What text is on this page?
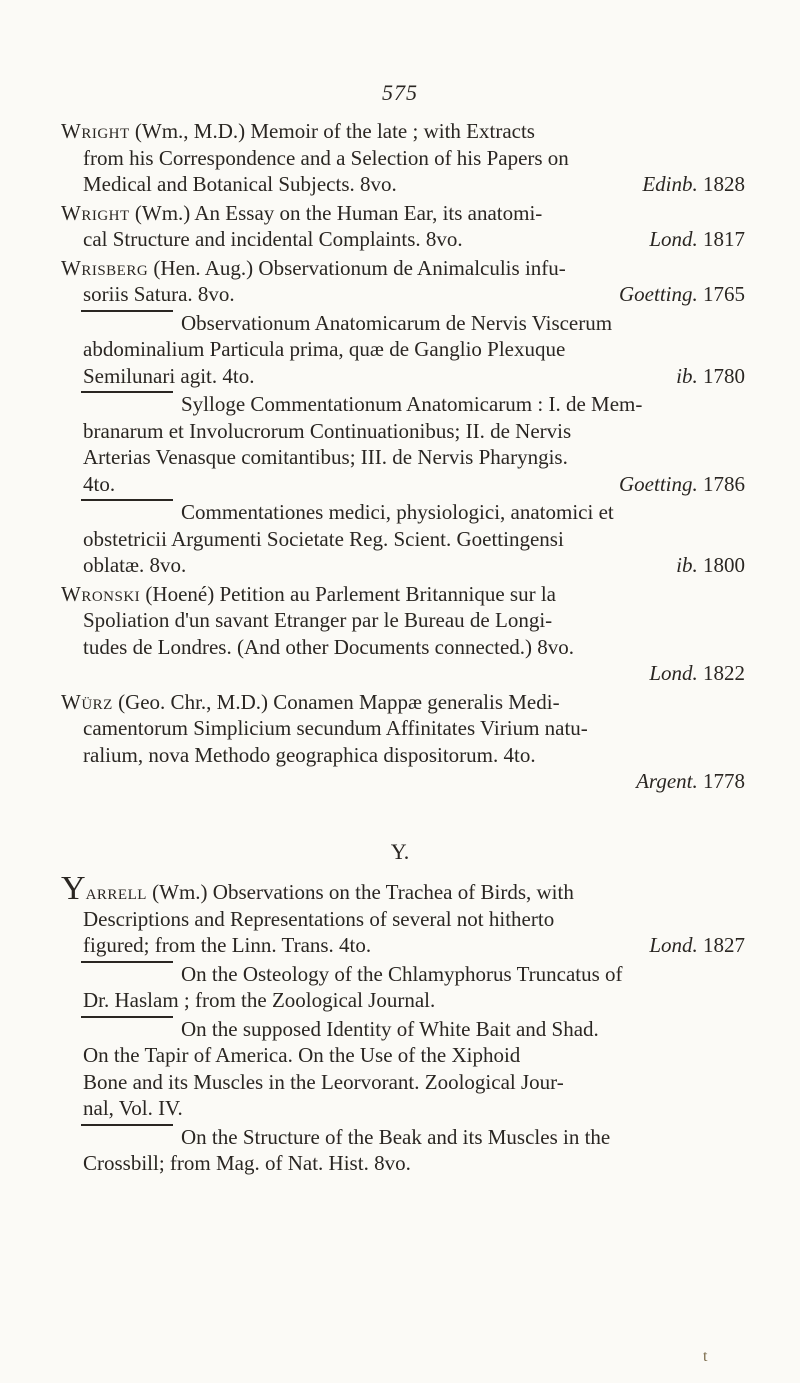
575
Wright (Wm., M.D.) Memoir of the late ; with Extracts
from his Correspondence and a Selection of his Papers on
Medical and Botanical Subjects. 8vo.	Edinb. 1828
Wright (Wm.) An Essay on the Human Ear, its anatomi-
cal Structure and incidental Complaints. 8vo.	Lond. 1817
Wrisberg (Hen. Aug.) Observationum de Animalculis infu-
soriis Satura. 8vo.	Goetting. 1765
Observationum Anatomicarum de Nervis Viscerum
abdominalium Particula prima, quæ de Ganglio Plexuque
Semilunari agit. 4to.	ib. 1780
Sylloge Commentationum Anatomicarum : I. de Mem-
branarum et Involucrorum Continuationibus; II. de Nervis
Arterias Venasque comitantibus; III. de Nervis Pharyngis.
4to.	Goetting. 1786
Commentationes medici, physiologici, anatomici et
obstetricii Argumenti Societate Reg. Scient. Goettingensi
oblatæ. 8vo.	ib. 1800
Wronski (Hoené) Petition au Parlement Britannique sur la
Spoliation d'un savant Etranger par le Bureau de Longi-
tudes de Londres. (And other Documents connected.) 8vo.
Lond. 1822
Würz (Geo. Chr., M.D.) Conamen Mappæ generalis Medi-
camentorum Simplicium secundum Affinitates Virium natu-
ralium, nova Methodo geographica dispositorum. 4to.
Argent. 1778
Y.
Yarrell (Wm.) Observations on the Trachea of Birds, with
Descriptions and Representations of several not hitherto
figured; from the Linn. Trans. 4to.	Lond. 1827
On the Osteology of the Chlamyphorus Truncatus of
Dr. Haslam ; from the Zoological Journal.
On the supposed Identity of White Bait and Shad.
On the Tapir of America. On the Use of the Xiphoid
Bone and its Muscles in the Leorvorant. Zoological Jour-
nal, Vol. IV.
On the Structure of the Beak and its Muscles in the
Crossbill; from Mag. of Nat. Hist. 8vo.
t
